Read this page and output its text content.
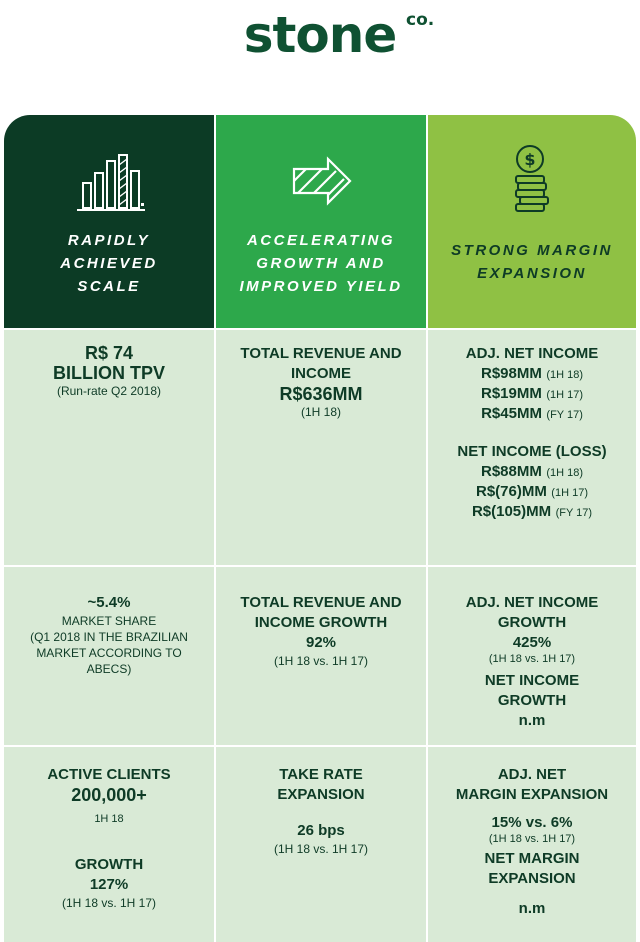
stone co.
RAPIDLY
ACHIEVED
SCALE
ACCELERATING
GROWTH AND
IMPROVED YIELD
$
STRONG MARGIN
EXPANSION
R$ 74
BILLION TPV
(Run-rate Q2 2018)
TOTAL REVENUE AND
INCOME
R$636MM
(1H 18)
ADJ. NET INCOME
R$98MM (1H 18)
R$19MM (1H 17)
R$45MM (FY 17)
NET INCOME (LOSS)
R$88MM (1H 18)
R$(76)MM (1H 17)
R$(105)MM (FY 17)
~5.4%
MARKET SHARE
(Q1 2018 IN THE BRAZILIAN
MARKET ACCORDING TO
ABECS)
TOTAL REVENUE AND
INCOME GROWTH
92%
(1H 18 vs. 1H 17)
ADJ. NET INCOME
GROWTH
425%
(1H 18 vs. 1H 17)
NET INCOME
GROWTH
n.m
ACTIVE CLIENTS
200,000+
1H 18
GROWTH
127%
(1H 18 vs. 1H 17)
TAKE RATE
EXPANSION
26 bps
(1H 18 vs. 1H 17)
ADJ. NET
MARGIN EXPANSION
15% vs. 6%
(1H 18 vs. 1H 17)
NET MARGIN
EXPANSION
n.m
